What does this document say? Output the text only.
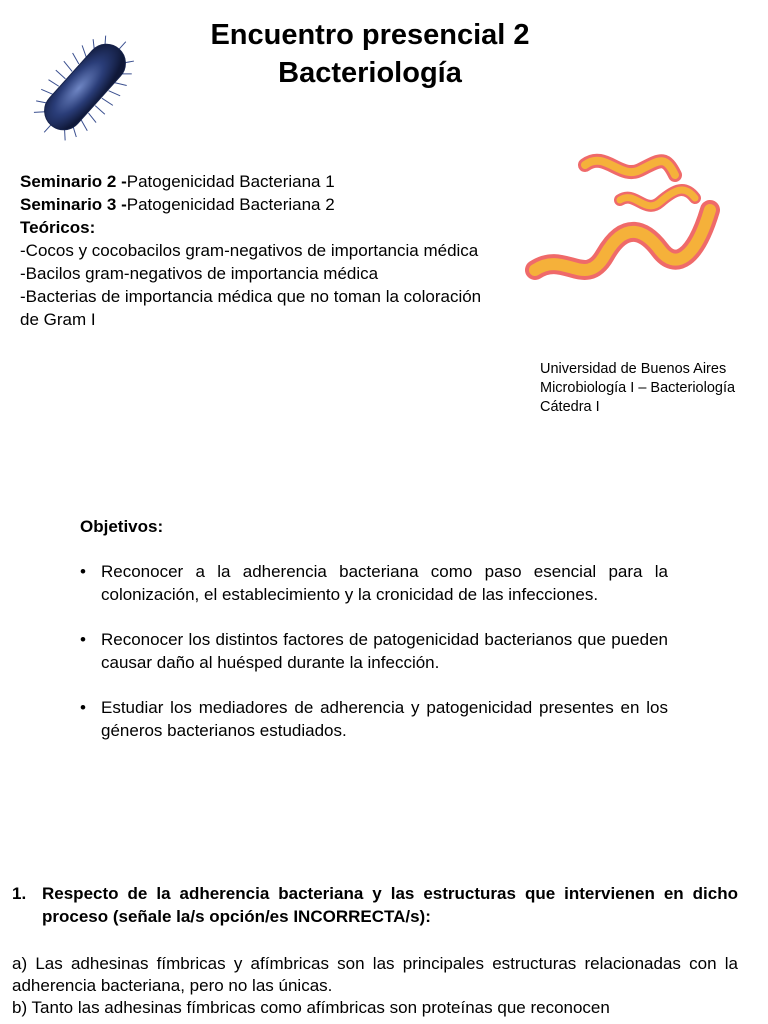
Encuentro presencial 2
Bacteriología
Seminario 2 -Patogenicidad Bacteriana 1
Seminario 3 -Patogenicidad Bacteriana 2
Teóricos:
-Cocos y cocobacilos gram-negativos de importancia médica
-Bacilos gram-negativos de importancia médica
-Bacterias de importancia médica que no toman la coloración de Gram I
Universidad de Buenos Aires
Microbiología I – Bacteriología
Cátedra I
Objetivos:
• Reconocer a la adherencia bacteriana como paso esencial para la colonización, el establecimiento y la cronicidad de las infecciones.
• Reconocer los distintos factores de patogenicidad bacterianos que pueden causar daño al huésped durante la infección.
• Estudiar los mediadores de adherencia y patogenicidad presentes en los géneros bacterianos estudiados.
1. Respecto de la adherencia bacteriana y las estructuras que intervienen en dicho proceso (señale la/s opción/es INCORRECTA/s):

a) Las adhesinas fímbricas y afímbricas son las principales estructuras relacionadas con la adherencia bacteriana, pero no las únicas.

b) Tanto las adhesinas fímbricas como afímbricas son proteínas que reconocen
